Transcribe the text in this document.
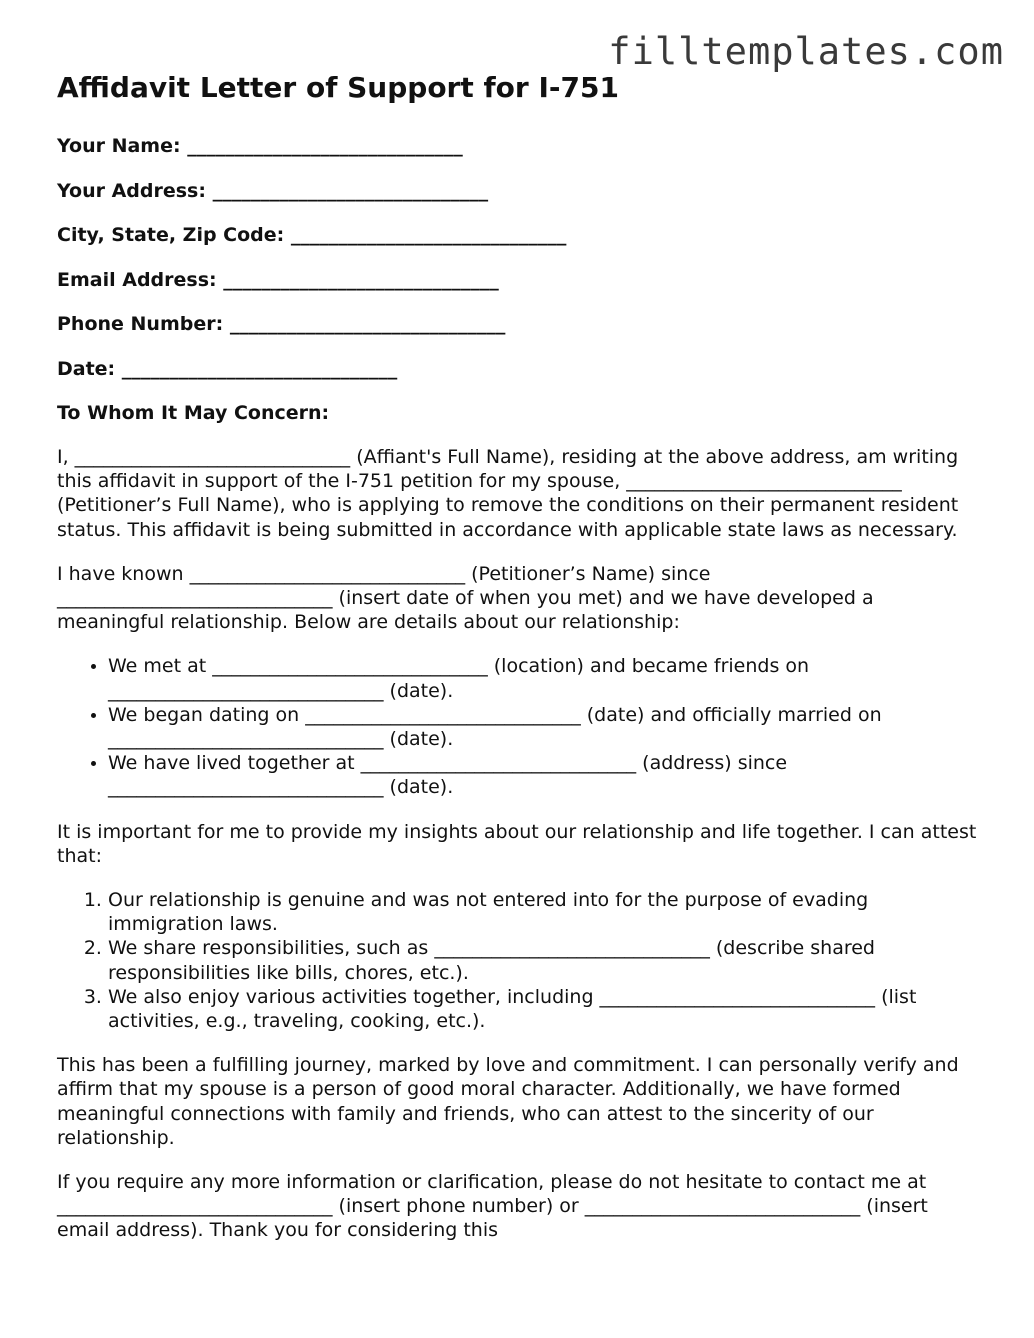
filltemplates.com
Affidavit Letter of Support for I-751
Your Name: _____________________________
Your Address: _____________________________
City, State, Zip Code: _____________________________
Email Address: _____________________________
Phone Number: _____________________________
Date: _____________________________
To Whom It May Concern:

I, _____________________________ (Affiant's Full Name), residing at the above address, am writing this affidavit in support of the I-751 petition for my spouse, _____________________________ (Petitioner’s Full Name), who is applying to remove the conditions on their permanent resident status. This affidavit is being submitted in accordance with applicable state laws as necessary.

I have known _____________________________ (Petitioner’s Name) since _____________________________ (insert date of when you met) and we have developed a meaningful relationship. Below are details about our relationship:

• We met at _____________________________ (location) and became friends on _____________________________ (date).
• We began dating on _____________________________ (date) and officially married on _____________________________ (date).
• We have lived together at _____________________________ (address) since _____________________________ (date).

It is important for me to provide my insights about our relationship and life together. I can attest that:

1. Our relationship is genuine and was not entered into for the purpose of evading immigration laws.
2. We share responsibilities, such as _____________________________ (describe shared responsibilities like bills, chores, etc.).
3. We also enjoy various activities together, including _____________________________ (list activities, e.g., traveling, cooking, etc.).

This has been a fulfilling journey, marked by love and commitment. I can personally verify and affirm that my spouse is a person of good moral character. Additionally, we have formed meaningful connections with family and friends, who can attest to the sincerity of our relationship.

If you require any more information or clarification, please do not hesitate to contact me at _____________________________ (insert phone number) or _____________________________ (insert email address). Thank you for considering this
